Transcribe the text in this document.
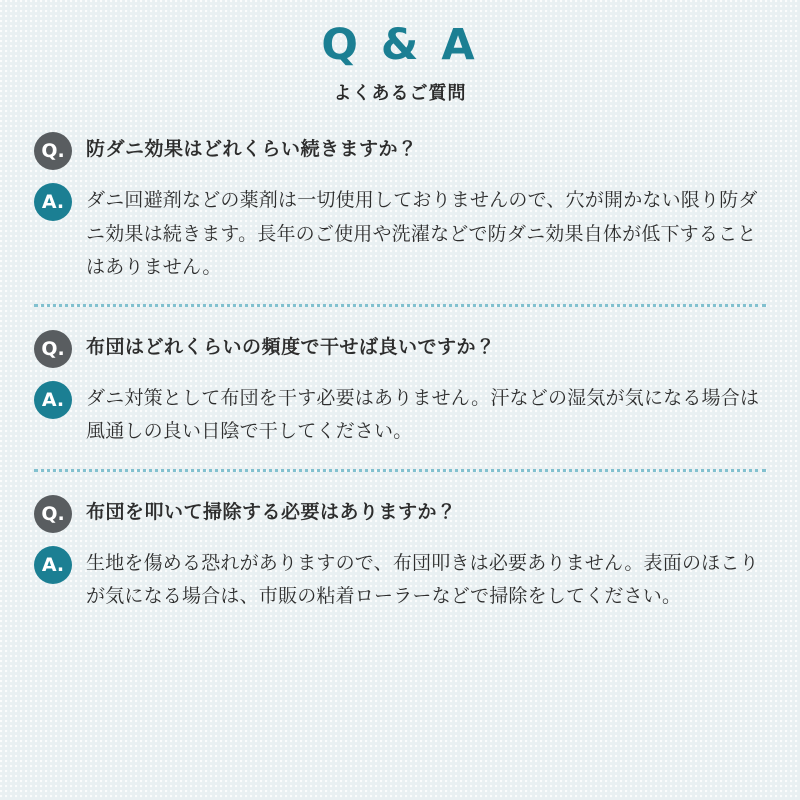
Q & A
よくあるご質問
Q.	防ダニ効果はどれくらい続きますか？
A.	ダニ回避剤などの薬剤は一切使用しておりませんので、穴が開かない限り防ダニ効果は続きます。長年のご使用や洗濯などで防ダニ効果自体が低下することはありません。
Q.	布団はどれくらいの頻度で干せば良いですか？
A.	ダニ対策として布団を干す必要はありません。汗などの湿気が気になる場合は風通しの良い日陰で干してください。
Q.	布団を叩いて掃除する必要はありますか？
A.	生地を傷める恐れがありますので、布団叩きは必要ありません。表面のほこりが気になる場合は、市販の粘着ローラーなどで掃除をしてください。
